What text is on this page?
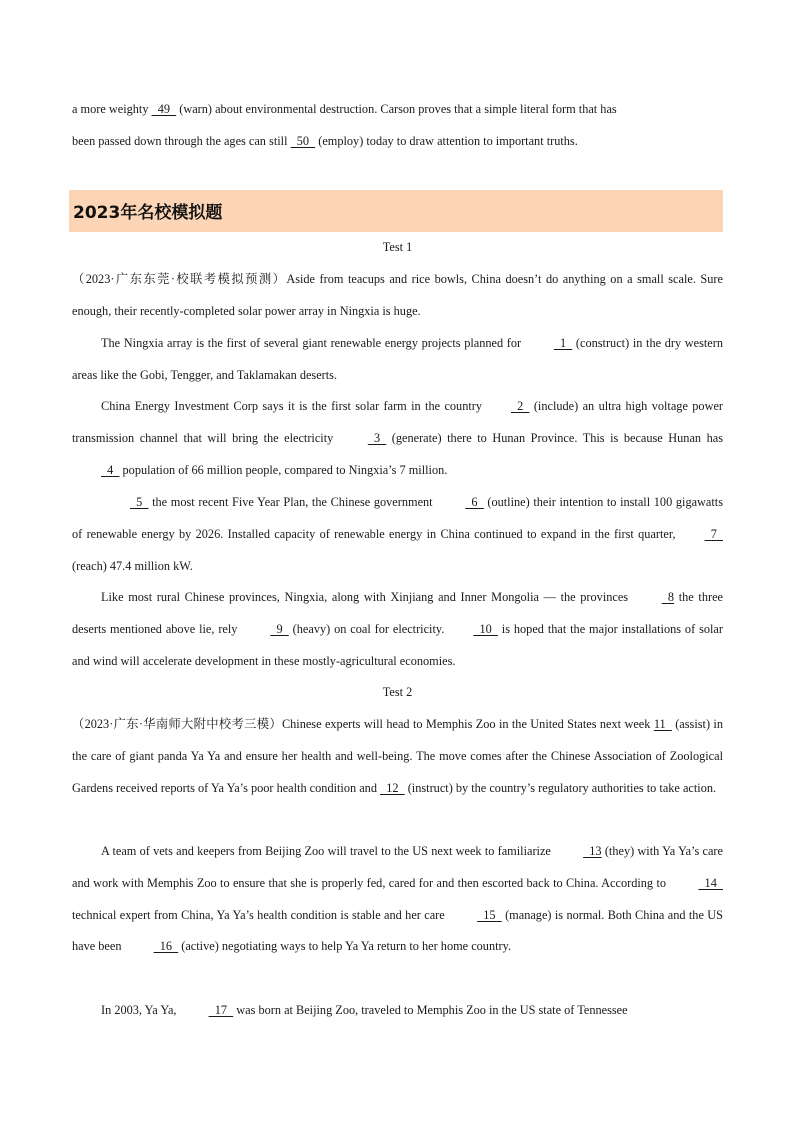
a more weighty   49   (warn) about environmental destruction. Carson proves that a simple literal form that has

been passed down through the ages can still   50   (employ) today to draw attention to important truths.

2023年名校模拟题

Test 1

（2023·广东东莞·校联考模拟预测）Aside from teacups and rice bowls, China doesn’t do anything on a small scale. Sure enough, their recently-completed solar power array in Ningxia is huge.

The Ningxia array is the first of several giant renewable energy projects planned for   1   (construct) in the dry western areas like the Gobi, Tengger, and Taklamakan deserts.

China Energy Investment Corp says it is the first solar farm in the country  2   (include) an ultra high voltage power transmission channel that will bring the electricity   3   (generate) there to Hunan Province. This is because Hunan has   4   population of 66 million people, compared to Ningxia’s 7 million.

5   the most recent Five Year Plan, the Chinese government   6   (outline) their intention to install 100 gigawatts of renewable energy by 2026. Installed capacity of renewable energy in China continued to expand in the first quarter,  7   (reach) 47.4 million kW.

Like most rural Chinese provinces, Ningxia, along with Xinjiang and Inner Mongolia — the provinces   8 the three deserts mentioned above lie, rely   9   (heavy) on coal for electricity.  10   is hoped that the major installations of solar and wind will accelerate development in these mostly-agricultural economies.

Test 2

（2023·广东·华南师大附中校考三模）Chinese experts will head to Memphis Zoo in the United States next week 11   (assist) in the care of giant panda Ya Ya and ensure her health and well-being. The move comes after the Chinese Association of Zoological Gardens received reports of Ya Ya’s poor health condition and   12   (instruct) by the country’s regulatory authorities to take action.

A team of vets and keepers from Beijing Zoo will travel to the US next week to familiarize   13 (they) with Ya Ya’s care and work with Memphis Zoo to ensure that she is properly fed, cared for and then escorted back to China. According to   14   technical expert from China, Ya Ya’s health condition is stable and her care   15   (manage) is normal. Both China and the US have been   16   (active) negotiating ways to help Ya Ya return to her home country.

In 2003, Ya Ya,   17   was born at Beijing Zoo, traveled to Memphis Zoo in the US state of Tennessee
